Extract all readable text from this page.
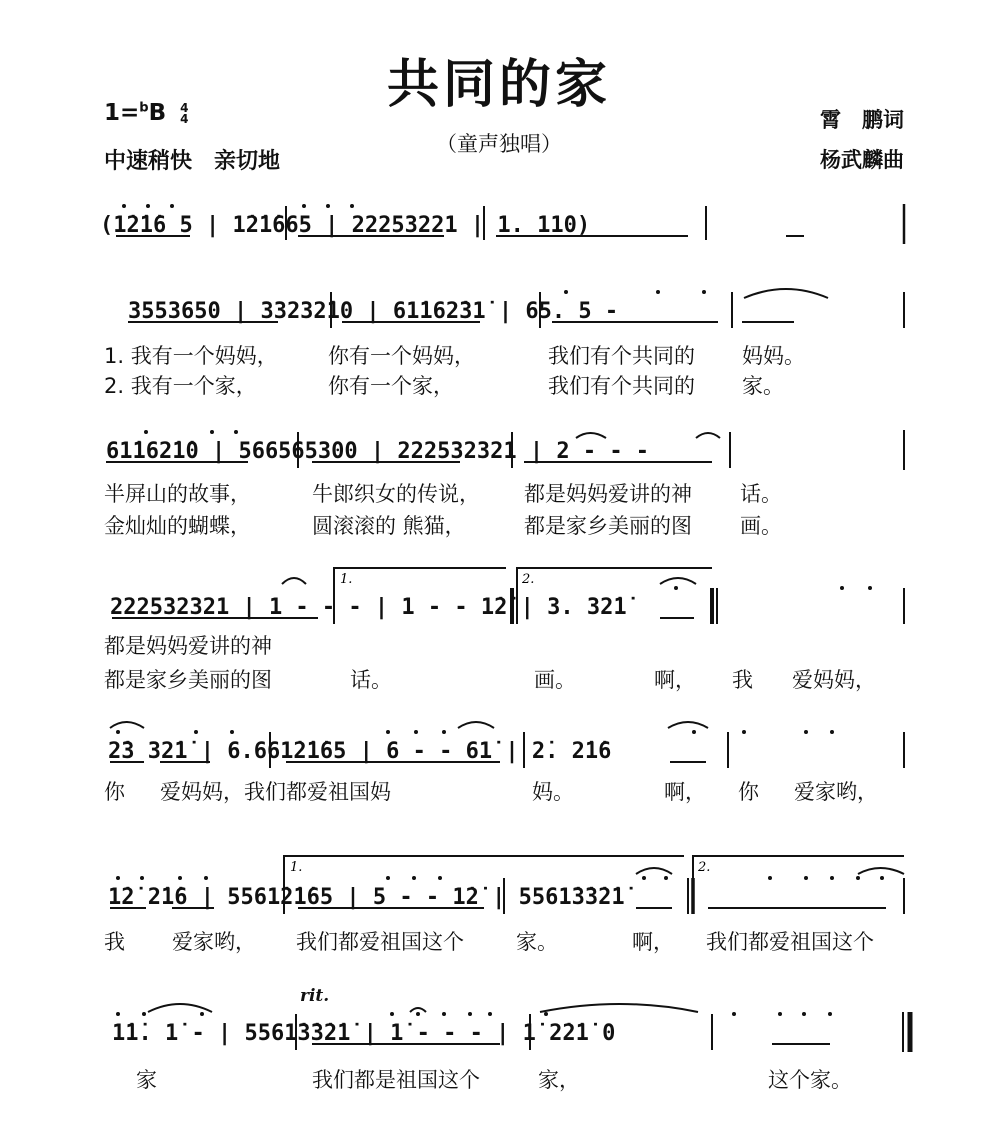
共同的家
（童声独唱）
1=$^b$B 4
4
中速稍快　亲切地
霄　鹏词
杨武麟曲
rit.
(1̇2̇1̇6 5 | 1̇2̇1̇665 | 22253221 | 1. 110)
3553650 | 33232̇10 | 61̇162̇31̇ | 65. 5 -
61̇162̇1̇0 | 566565300 | 222532321 | 2 - - -
222532321 | 1 - - - | 1 - - 1̇2̇ | 3. 32̇1̇
2̇3 32̇1̇ | 6.661̇2̇1̇65 | 6 - - 61̇ | 2̇. 2̇1̇6
1̇2̇ 2̇1̇6 | 5561̇2̇1̇65 | 5 - - 1̇2̇ | 5561̇3̇3̇2̇1̇
1̇1̇. 1̇ - | 5561̇3̇3̇2̇1̇ | 1̇ - - - | 1̇ 2̇2̇1̇ 0
1.	2.
1.	2.
1. 我有一个妈妈， 你有一个妈妈，	我们有个共同的 妈妈。
2. 我有一个家，	你有一个家，	我们有个共同的 家。
半屏山的故事，	牛郎织女的传说， 都是妈妈爱讲的神 话。
金灿灿的蝴蝶，	圆滚滚的 熊猫，	都是家乡美丽的图 画。
都是妈妈爱讲的神
都是家乡美丽的图	话。	画。	啊， 我 爱妈妈，
你 爱妈妈，我们都爱祖国妈	妈。	啊， 你 爱家哟，
我 爱家哟， 我们都爱祖国这个 家。	啊， 我们都爱祖国这个
家	我们都是祖国这个	家，	这个家。
